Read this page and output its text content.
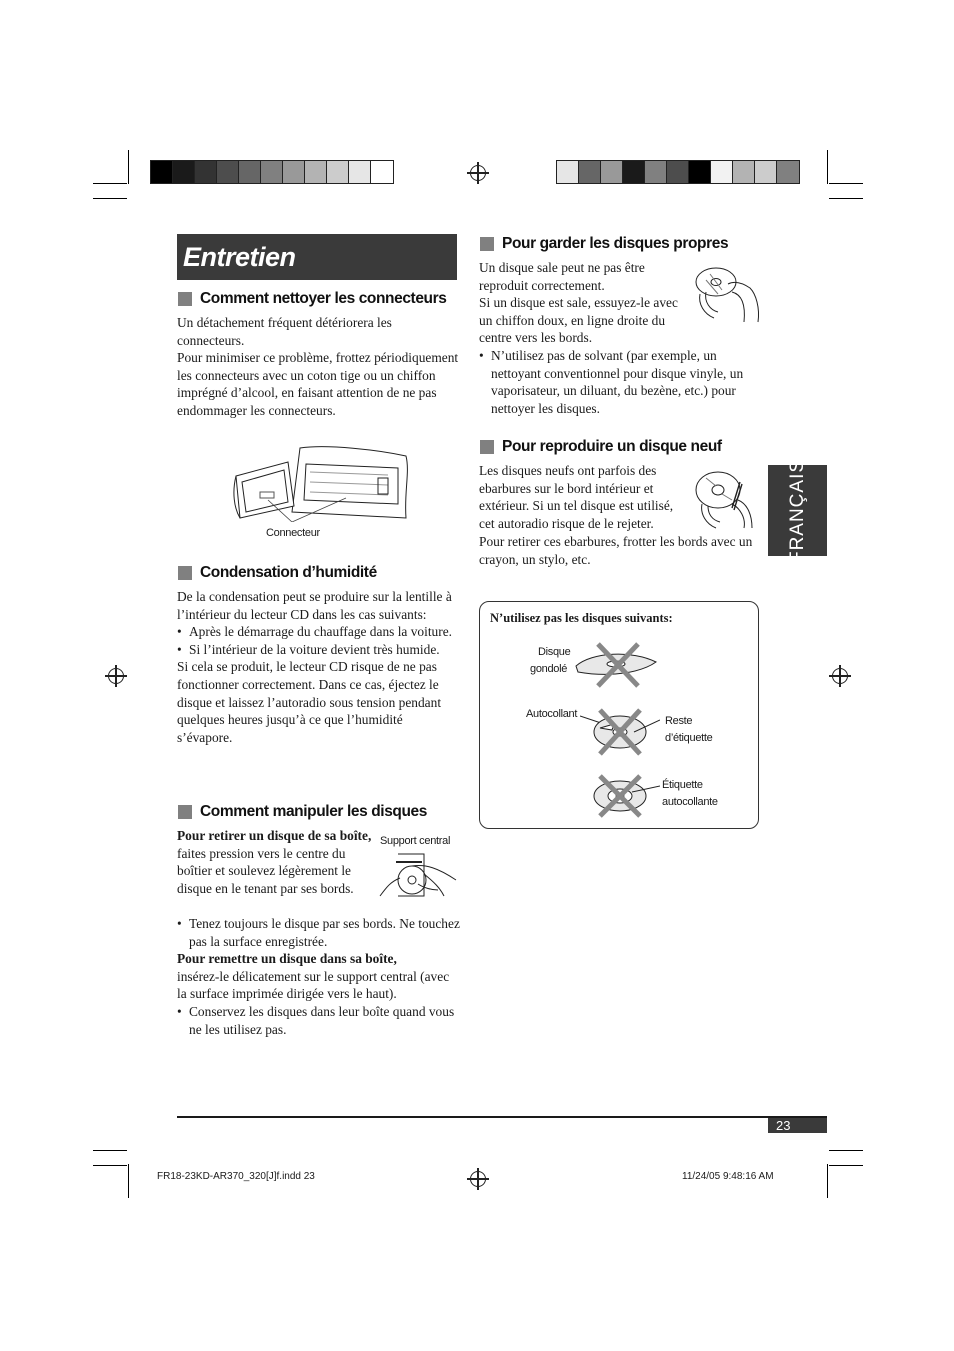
Entretien
FRANÇAIS
Comment nettoyer les connecteurs

Un détachement fréquent détériorera les connecteurs.

Pour minimiser ce problème, frottez périodiquement les connecteurs avec un coton tige ou un chiffon imprégné d’alcool, en faisant attention de ne pas endommager les connecteurs.

Connecteur
Condensation d’humidité

De la condensation peut se produire sur la lentille à l’intérieur du lecteur CD dans les cas suivants:

• Après le démarrage du chauffage dans la voiture.
• Si l’intérieur de la voiture devient très humide.

Si cela se produit, le lecteur CD risque de ne pas fonctionner correctement. Dans ce cas, éjectez le disque et laissez l’autoradio sous tension pendant quelques heures jusqu’à ce que l’humidité s’évapore.

Comment manipuler les disques

Pour retirer un disque de sa boîte, faites pression vers le centre du boîtier et soulevez légèrement le disque en le tenant par ses bords.

Support central
• Tenez toujours le disque par ses bords. Ne touchez pas la surface enregistrée.

Pour remettre un disque dans sa boîte,

insérez-le délicatement sur le support central (avec la surface imprimée dirigée vers le haut).

• Conservez les disques dans leur boîte quand vous ne les utilisez pas.
Pour garder les disques propres

Un disque sale peut ne pas être reproduit correctement.

Si un disque est sale, essuyez-le avec un chiffon doux, en ligne droite du centre vers les bords.

• N’utilisez pas de solvant (par exemple, un nettoyant conventionnel pour disque vinyle, un vaporisateur, un diluant, du bezène, etc.) pour nettoyer les disques.
Pour reproduire un disque neuf

Les disques neufs ont parfois des ebarbures sur le bord intérieur et extérieur. Si un tel disque est utilisé, cet autoradio risque de le rejeter.

Pour retirer ces ebarbures, frotter les bords avec un crayon, un stylo, etc.

N’utilisez pas les disques suivants:
Disque
gondolé
Autocollant
Reste
d’étiquette
Étiquette
autocollante
23
FR18-23KD-AR370_320[J]f.indd 23	11/24/05 9:48:16 AM
